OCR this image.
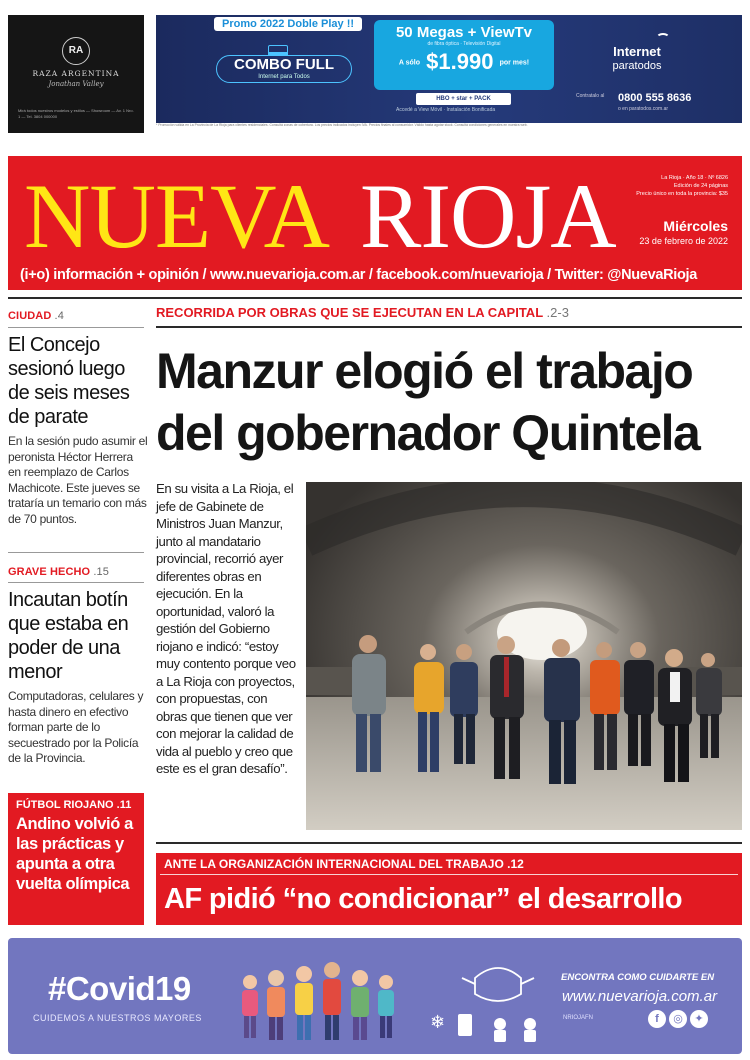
RA
RAZA ARGENTINA
Jonathan Valley
Mirá todos nuestros modelos y estilos — Showroom — Av. 1 Nro. 1 — Tel. 3804 000000
Promo 2022 Doble Play !!
COMBO FULL
Internet para Todos
50 Megas + ViewTv
de fibra óptica · Televisión Digital
A sólo $1.990 por mes!
HBO + star + PACK
Accedé a View Móvil · Instalación Bonificada
Internet
paratodos
Contratalo al 0800 555 8636
o en paratodos.com.ar
* Promoción válida en La Provincia de La Rioja para clientes residenciales. Consultá zonas de cobertura. Los precios indicados incluyen IVA. Precios finales al consumidor. Válido hasta agotar stock. Consultá condiciones generales en nuestra web.
NUEVA RIOJA	La Rioja · Año 18 · Nº 6826
Edición de 24 páginas
Precio único en toda la provincia: $35
Miércoles
23 de febrero de 2022
(i+o) información + opinión / www.nuevarioja.com.ar / facebook.com/nuevarioja / Twitter: @NuevaRioja
CIUDAD .4
El Concejo sesionó luego de seis meses de parate
En la sesión pudo asumir el peronista Héctor Herrera en reemplazo de Carlos Machicote. Este jueves se trataría un temario con más de 70 puntos.
GRAVE HECHO .15
Incautan botín que estaba en poder de una menor
Computadoras, celulares y hasta dinero en efectivo forman parte de lo secuestrado por la Policía de la Provincia.
FÚTBOL RIOJANO .11
Andino volvió a las prácticas y apunta a otra vuelta olímpica
RECORRIDA POR OBRAS QUE SE EJECUTAN EN LA CAPITAL .2-3
Manzur elogió el trabajo del gobernador Quintela
En su visita a La Rioja, el jefe de Gabinete de Ministros Juan Manzur, junto al mandatario provincial, recorrió ayer diferentes obras en ejecución. En la oportunidad, valoró la gestión del Gobierno riojano e indicó: “estoy muy contento porque veo a La Rioja con proyectos, con propuestas, con obras que tienen que ver con mejorar la calidad de vida al pueblo y creo que este es el gran desafío”.
ANTE LA ORGANIZACIÓN INTERNACIONAL DEL TRABAJO .12
AF pidió “no condicionar” el desarrollo
#Covid19
CUIDEMOS A NUESTROS MAYORES	❄
ENCONTRA COMO CUIDARTE EN
www.nuevarioja.com.ar
NRIOJAFN	f	◎	✦
